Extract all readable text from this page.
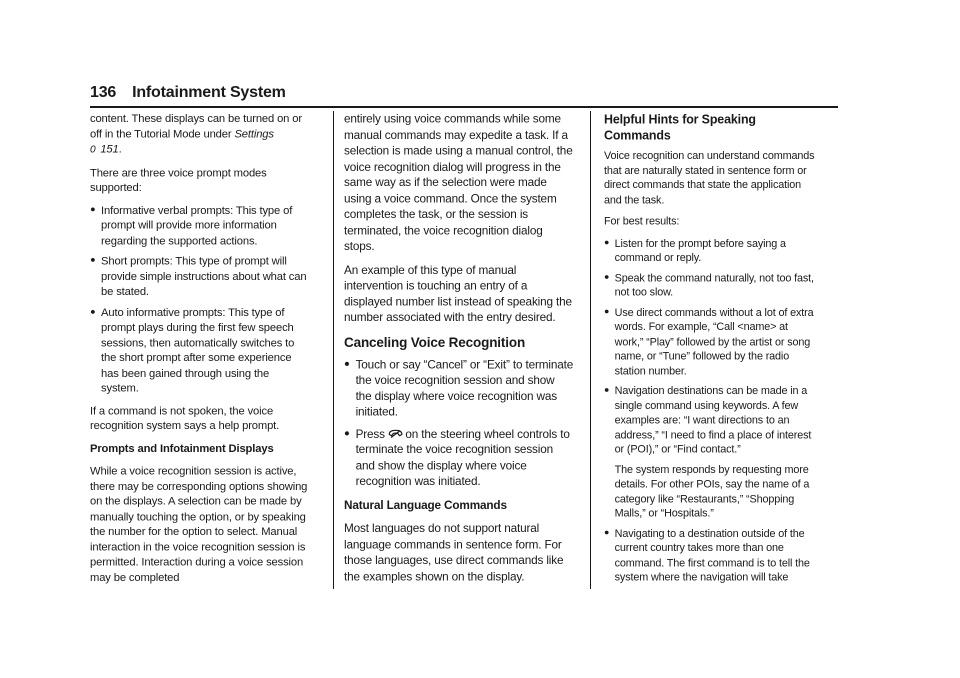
136 Infotainment System

content. These displays can be turned on or off in the Tutorial Mode under Settings
0 151.

There are three voice prompt modes supported:

● Informative verbal prompts: This type of prompt will provide more information regarding the supported actions.
● Short prompts: This type of prompt will provide simple instructions about what can be stated.
● Auto informative prompts: This type of prompt plays during the first few speech sessions, then automatically switches to the short prompt after some experience has been gained through using the system.

If a command is not spoken, the voice recognition system says a help prompt.

Prompts and Infotainment Displays

While a voice recognition session is active, there may be corresponding options showing on the displays. A selection can be made by manually touching the option, or by speaking the number for the option to select. Manual interaction in the voice recognition session is permitted. Interaction during a voice session may be completed

entirely using voice commands while some manual commands may expedite a task. If a selection is made using a manual control, the voice recognition dialog will progress in the same way as if the selection were made using a voice command. Once the system completes the task, or the session is terminated, the voice recognition dialog stops.

An example of this type of manual intervention is touching an entry of a displayed number list instead of speaking the number associated with the entry desired.

Canceling Voice Recognition
● Touch or say “Cancel” or “Exit” to terminate the voice recognition session and show the display where voice recognition was initiated.
● Press on the steering wheel controls to terminate the voice recognition session and show the display where voice recognition was initiated.
Natural Language Commands

Most languages do not support natural language commands in sentence form. For those languages, use direct commands like the examples shown on the display.

Helpful Hints for Speaking Commands

Voice recognition can understand commands that are naturally stated in sentence form or direct commands that state the application and the task.

For best results:

● Listen for the prompt before saying a command or reply.
● Speak the command naturally, not too fast, not too slow.
● Use direct commands without a lot of extra words. For example, “Call <name> at work,” “Play” followed by the artist or song name, or “Tune” followed by the radio station number.
● Navigation destinations can be made in a single command using keywords. A few examples are: “I want directions to an address,” “I need to find a place of interest or (POI),” or “Find contact.”

The system responds by requesting more details. For other POIs, say the name of a category like “Restaurants,” “Shopping Malls,” or “Hospitals.”

● Navigating to a destination outside of the current country takes more than one command. The first command is to tell the system where the navigation will take
